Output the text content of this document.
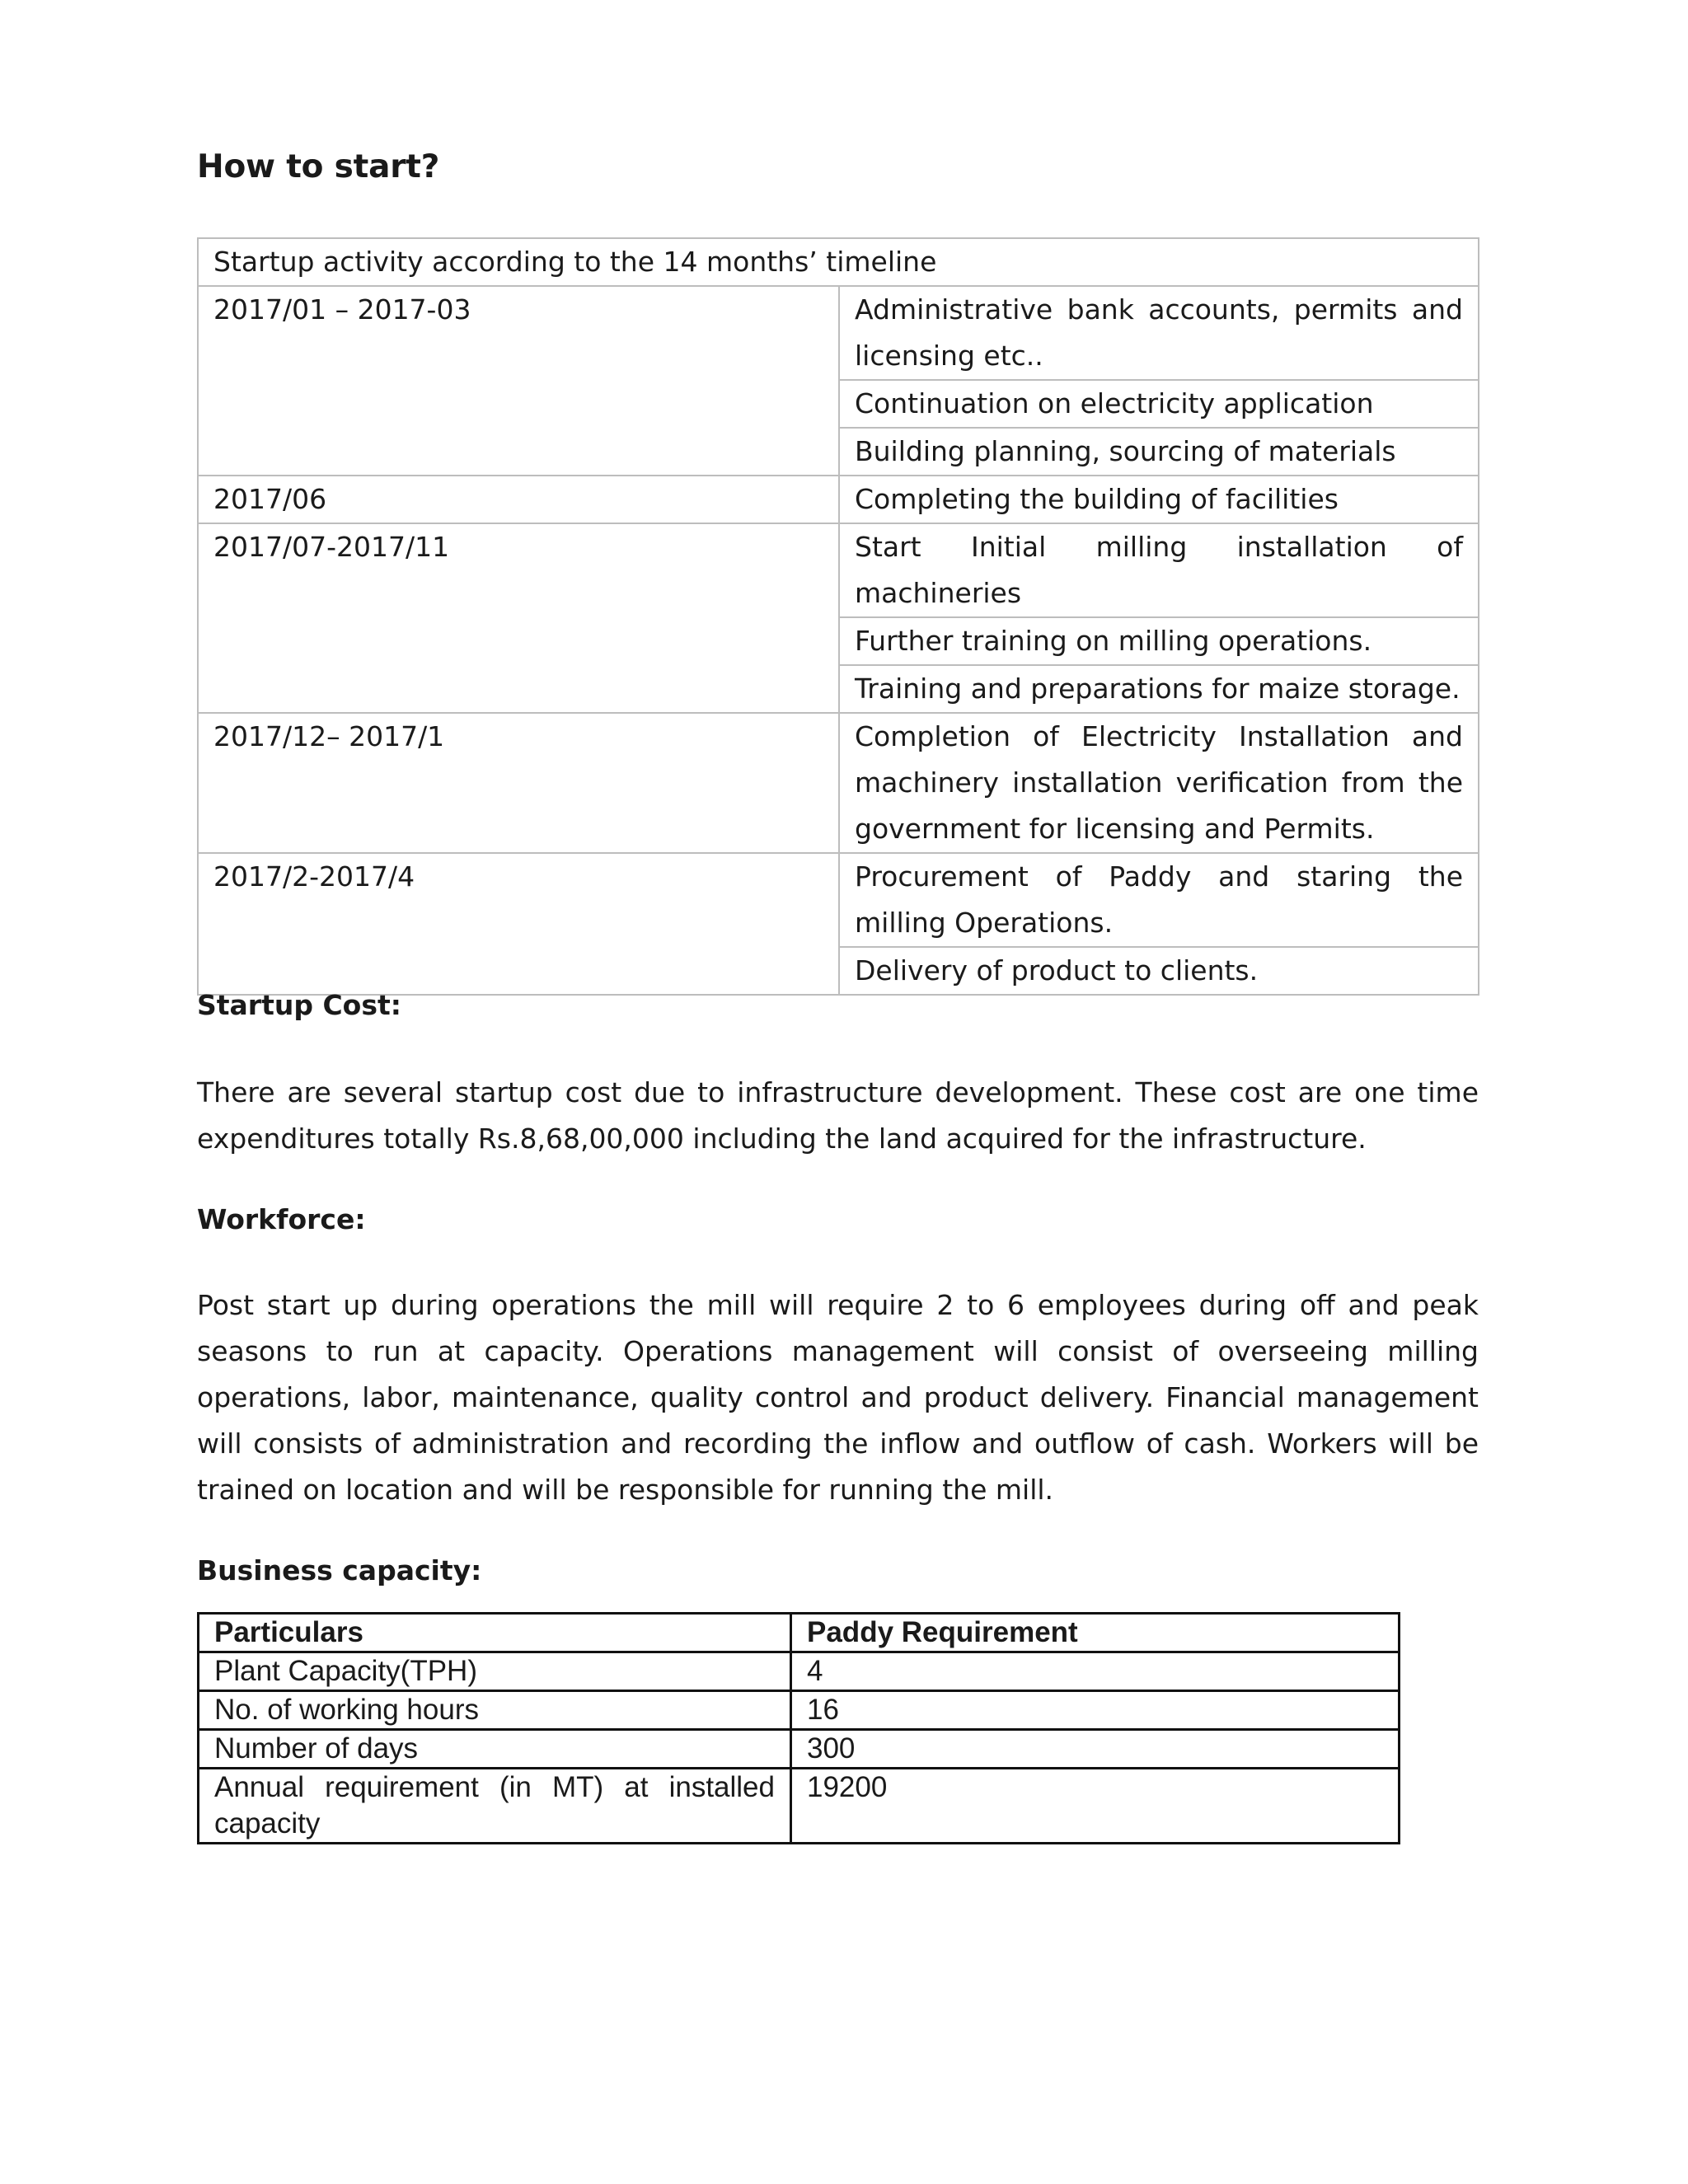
How to start?
Startup activity according to the 14 months’ timeline	
2017/01 – 2017-03	Administrative bank accounts, permits and licensing etc..
	Continuation on electricity application
	Building planning, sourcing of materials
2017/06	Completing the building of facilities
2017/07-2017/11	Start Initial milling installation of machineries
	Further training on milling operations.
	Training and preparations for maize storage.
2017/12– 2017/1	Completion of Electricity Installation and machinery installation verification from the government for licensing and Permits.
2017/2-2017/4	Procurement of Paddy and staring the milling Operations.
	Delivery of product to clients.
Startup Cost:
There are several startup cost due to infrastructure development. These cost are one time expenditures totally Rs.8,68,00,000 including the land acquired for the infrastructure.
Workforce:
Post start up during operations the mill will require 2 to 6 employees during off and peak seasons to run at capacity. Operations management will consist of overseeing milling operations, labor, maintenance, quality control and product delivery. Financial management will consists of administration and recording the inflow and outflow of cash. Workers will be trained on location and will be responsible for running the mill.
Business capacity:
Particulars	Paddy Requirement
Plant Capacity(TPH)	4
No. of working hours	16
Number of days	300
Annual requirement (in MT) at installed capacity	19200
